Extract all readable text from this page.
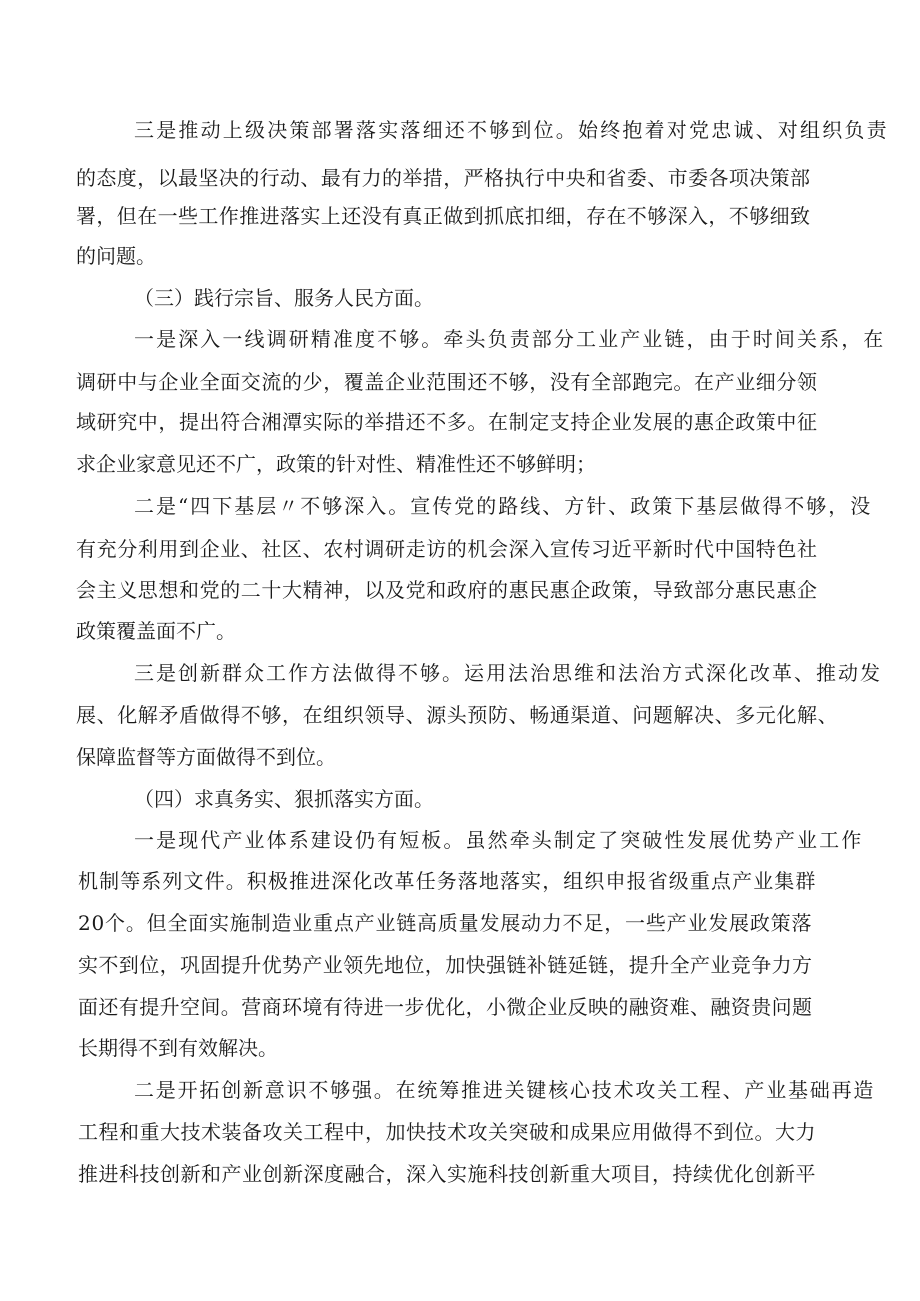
三是推动上级决策部署落实落细还不够到位。始终抱着对党忠诚、对组织负责
的态度，以最坚决的行动、最有力的举措，严格执行中央和省委、市委各项决策部
署，但在一些工作推进落实上还没有真正做到抓底扣细，存在不够深入，不够细致
的问题。
（三）践行宗旨、服务人民方面。
一是深入一线调研精准度不够。牵头负责部分工业产业链，由于时间关系，在
调研中与企业全面交流的少，覆盖企业范围还不够，没有全部跑完。在产业细分领
域研究中，提出符合湘潭实际的举措还不多。在制定支持企业发展的惠企政策中征
求企业家意见还不广，政策的针对性、精准性还不够鲜明；
二是“四下基层〃不够深入。宣传党的路线、方针、政策下基层做得不够，没
有充分利用到企业、社区、农村调研走访的机会深入宣传习近平新时代中国特色社
会主义思想和党的二十大精神，以及党和政府的惠民惠企政策，导致部分惠民惠企
政策覆盖面不广。
三是创新群众工作方法做得不够。运用法治思维和法治方式深化改革、推动发
展、化解矛盾做得不够，在组织领导、源头预防、畅通渠道、问题解决、多元化解、
保障监督等方面做得不到位。
（四）求真务实、狠抓落实方面。
一是现代产业体系建设仍有短板。虽然牵头制定了突破性发展优势产业工作
机制等系列文件。积极推进深化改革任务落地落实，组织申报省级重点产业集群
20个。但全面实施制造业重点产业链高质量发展动力不足，一些产业发展政策落
实不到位，巩固提升优势产业领先地位，加快强链补链延链，提升全产业竞争力方
面还有提升空间。营商环境有待进一步优化，小微企业反映的融资难、融资贵问题
长期得不到有效解决。
二是开拓创新意识不够强。在统筹推进关键核心技术攻关工程、产业基础再造
工程和重大技术装备攻关工程中，加快技术攻关突破和成果应用做得不到位。大力
推进科技创新和产业创新深度融合，深入实施科技创新重大项目，持续优化创新平
